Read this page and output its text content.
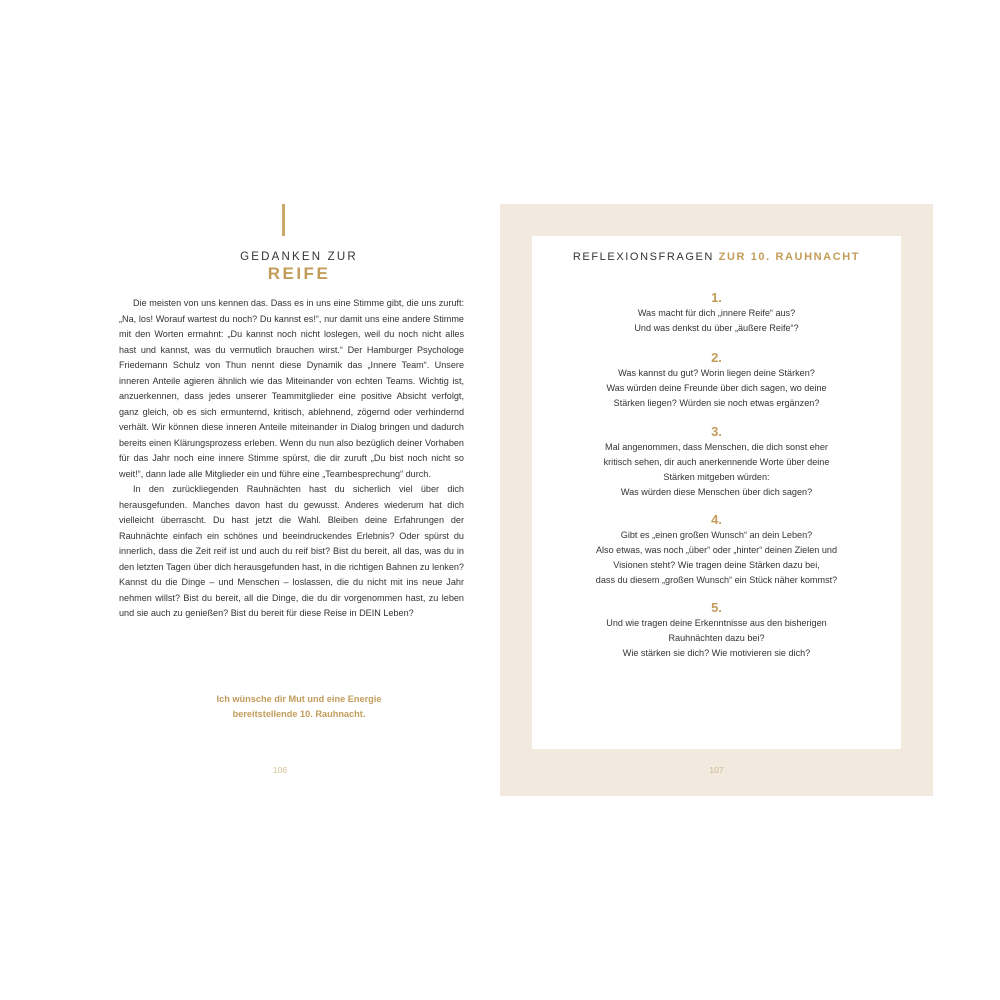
GEDANKEN ZUR
REIFE

Die meisten von uns kennen das. Dass es in uns eine Stimme gibt, die uns zuruft: „Na, los! Worauf wartest du noch? Du kannst es!“, nur damit uns eine andere Stimme mit den Worten ermahnt: „Du kannst noch nicht loslegen, weil du noch nicht alles hast und kannst, was du vermutlich brauchen wirst.“ Der Hamburger Psychologe Friedemann Schulz von Thun nennt diese Dynamik das „Innere Team“. Unsere inneren Anteile agieren ähnlich wie das Miteinander von echten Teams. Wichtig ist, anzuerkennen, dass jedes unserer Teammitglieder eine positive Absicht verfolgt, ganz gleich, ob es sich ermunternd, kritisch, ablehnend, zögernd oder verhindernd verhält. Wir können diese inneren Anteile miteinander in Dialog bringen und dadurch bereits einen Klärungsprozess erleben. Wenn du nun also bezüglich deiner Vorhaben für das Jahr noch eine innere Stimme spürst, die dir zuruft „Du bist noch nicht so weit!“, dann lade alle Mitglieder ein und führe eine „Teambesprechung“ durch.

In den zurückliegenden Rauhnächten hast du sicherlich viel über dich herausgefunden. Manches davon hast du gewusst. Anderes wiederum hat dich vielleicht überrascht. Du hast jetzt die Wahl. Bleiben deine Erfahrungen der Rauhnächte einfach ein schönes und beeindruckendes Erlebnis? Oder spürst du innerlich, dass die Zeit reif ist und auch du reif bist? Bist du bereit, all das, was du in den letzten Tagen über dich herausgefunden hast, in die richtigen Bahnen zu lenken? Kannst du die Dinge – und Menschen – loslassen, die du nicht mit ins neue Jahr nehmen willst? Bist du bereit, all die Dinge, die du dir vorgenommen hast, zu leben und sie auch zu genießen? Bist du bereit für diese Reise in DEIN Leben?

Ich wünsche dir Mut und eine Energie
bereitstellende 10. Rauhnacht.
106
REFLEXIONSFRAGEN ZUR 10. RAUHNACHT
1.
Was macht für dich „innere Reife“ aus?
Und was denkst du über „äußere Reife“?
2.
Was kannst du gut? Worin liegen deine Stärken?
Was würden deine Freunde über dich sagen, wo deine
Stärken liegen? Würden sie noch etwas ergänzen?
3.
Mal angenommen, dass Menschen, die dich sonst eher
kritisch sehen, dir auch anerkennende Worte über deine
Stärken mitgeben würden:
Was würden diese Menschen über dich sagen?
4.
Gibt es „einen großen Wunsch“ an dein Leben?
Also etwas, was noch „über“ oder „hinter“ deinen Zielen und
Visionen steht? Wie tragen deine Stärken dazu bei,
dass du diesem „großen Wunsch“ ein Stück näher kommst?
5.
Und wie tragen deine Erkenntnisse aus den bisherigen
Rauhnächten dazu bei?
Wie stärken sie dich? Wie motivieren sie dich?
107
